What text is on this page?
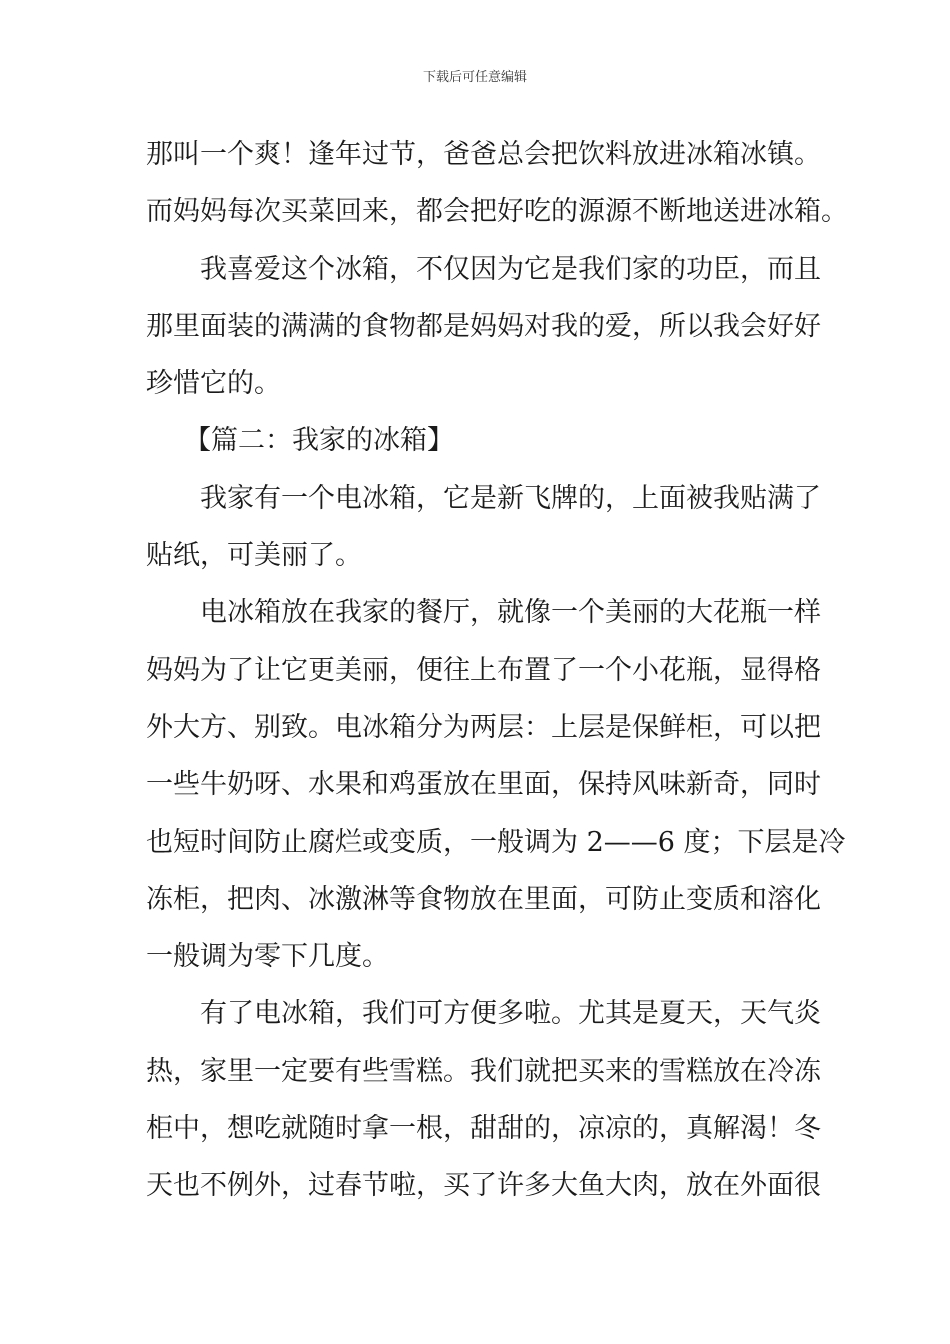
下载后可任意编辑
那叫一个爽！逢年过节，爸爸总会把饮料放进冰箱冰镇。
而妈妈每次买菜回来，都会把好吃的源源不断地送进冰箱。
我喜爱这个冰箱，不仅因为它是我们家的功臣，而且
那里面装的满满的食物都是妈妈对我的爱，所以我会好好
珍惜它的。
【篇二：我家的冰箱】
我家有一个电冰箱，它是新飞牌的，上面被我贴满了
贴纸，可美丽了。
电冰箱放在我家的餐厅，就像一个美丽的大花瓶一样
妈妈为了让它更美丽，便往上布置了一个小花瓶，显得格
外大方、别致。电冰箱分为两层：上层是保鲜柜，可以把
一些牛奶呀、水果和鸡蛋放在里面，保持风味新奇，同时
也短时间防止腐烂或变质，一般调为 2——6 度；下层是冷
冻柜，把肉、冰激淋等食物放在里面，可防止变质和溶化
一般调为零下几度。
有了电冰箱，我们可方便多啦。尤其是夏天，天气炎
热，家里一定要有些雪糕。我们就把买来的雪糕放在冷冻
柜中，想吃就随时拿一根，甜甜的，凉凉的，真解渴！冬
天也不例外，过春节啦，买了许多大鱼大肉，放在外面很
